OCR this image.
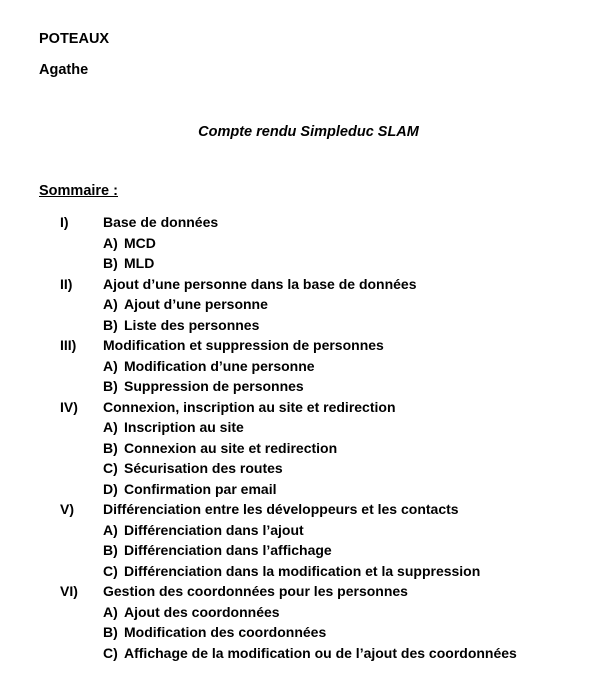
POTEAUX
Agathe
Compte rendu Simpleduc SLAM
Sommaire :
I) Base de données
A) MCD
B) MLD
II) Ajout d’une personne dans la base de données
A) Ajout d’une personne
B) Liste des personnes
III) Modification et suppression de personnes
A) Modification d’une personne
B) Suppression de personnes
IV) Connexion, inscription au site et redirection
A) Inscription au site
B) Connexion au site et redirection
C) Sécurisation des routes
D) Confirmation par email
V) Différenciation entre les développeurs et les contacts
A) Différenciation dans l’ajout
B) Différenciation dans l’affichage
C) Différenciation dans la modification et la suppression
VI) Gestion des coordonnées pour les personnes
A) Ajout des coordonnées
B) Modification des coordonnées
C) Affichage de la modification ou de l’ajout des coordonnées
